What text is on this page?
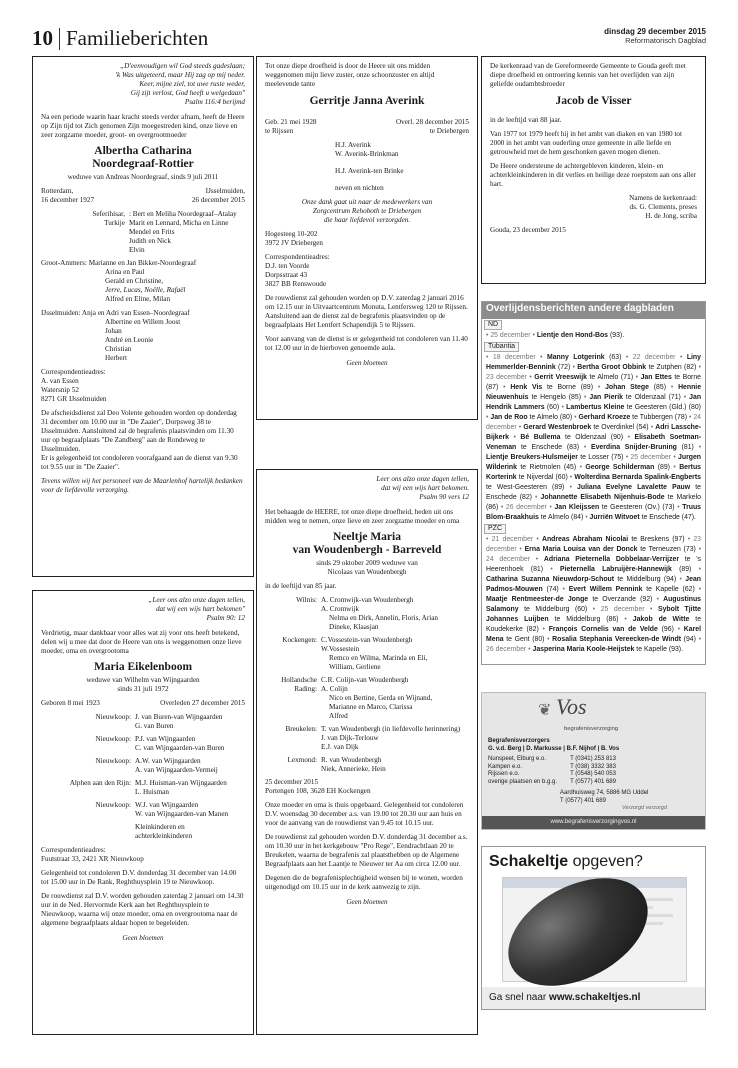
10 Familieberichten	dinsdag 29 december 2015
Reformatorisch Dagblad
„D'eenvoudigen wil God steeds gadeslaan;
'k Was uitgeteerd, maar Hij zag op mij neder.
Keer, mijne ziel, tot uwe ruste weder,
Gij zijt verlost, God heeft u welgedaan"
Psalm 116:4 berijmd
Na een periode waarin haar kracht steeds verder afnam, heeft de Heere op Zijn tijd tot Zich genomen Zijn moegestreden kind, onze lieve en zeer zorgzame moeder, groot- en overgrootmoeder
Albertha Catharina
Noordegraaf-Rottier
weduwe van Andreas Noordegraaf, sinds 9 juli 2011
Rotterdam,	IJsselmuiden,
16 december 1927	26 december 2015
Seferihisar, : Bert en Meliha Noordegraaf–Atalay
Turkije Marit en Lennard, Micha en Linne
Mendel en Frits
Judith en Nick
Elvin
Groot-Ammers: Marianne en Jan Bikker-Noordegraaf
Arina en Paul
Gerald en Christine,
Jerre, Lucas, Noëlle, Rafaël
Alfred en Eline, Milan
IJsselmuiden: Anja en Adri van Essen–Noordegraaf
Albertine en Willem Joost
Johan
André en Leonie
Christian
Herbert
Correspondentieadres:
A. van Essen
Watersnip 52
8271 GR IJsselmuiden
De afscheidsdienst zal Deo Volente gehouden worden op donderdag 31 december om 10.00 uur in "De Zaaier", Dorpsweg 38 te IJsselmuiden. Aansluitend zal de begrafenis plaatsvinden om 11.30 uur op begraafplaats "De Zandberg" aan de Rondeweg te IJsselmuiden.
Er is gelegenheid tot condoleren voorafgaand aan de dienst van 9.30 tot 9.55 uur in "De Zaaier".
Tevens willen wij het personeel van de Maarlenhof hartelijk bedanken voor de liefdevolle verzorging.
„Leer ons alzo onze dagen tellen,
dat wij een wijs hart bekomen"
Psalm 90: 12
Verdrietig, maar dankbaar voor alles wat zij voor ons heeft betekend, delen wij u mee dat door de Heere van ons is weggenomen onze lieve moeder, oma en overgrootoma
Maria Eikelenboom
weduwe van Wilhelm van Wijngaarden
sinds 31 juli 1972
Geboren 8 mei 1923	Overleden 27 december 2015
Nieuwkoop: J. van Buren-van Wijngaarden
G. van Buren
Nieuwkoop: P.J. van Wijngaarden
C. van Wijngaarden-van Buren
Nieuwkoop: A.W. van Wijngaarden
A. van Wijngaarden-Vermeij
Alphen aan den Rijn: M.J. Huisman-van Wijngaarden
L. Huisman
Nieuwkoop: W.J. van Wijngaarden
W. van Wijngaarden-van Manen
Kleinkinderen en
achterkleinkinderen
Correspondentieadres:
Fuutstraat 33, 2421 XR Nieuwkoop
Gelegenheid tot condoleren D.V. donderdag 31 december van 14.00 tot 15.00 uur in De Rank, Reghthuysplein 19 te Nieuwkoop.
De rouwdienst zal D.V. worden gehouden zaterdag 2 januari om 14.30 uur in de Ned. Hervormde Kerk aan het Reghthuysplein te Nieuwkoop, waarna wij onze moeder, oma en overgrootoma naar de algemene begraafplaats aldaar hopen te begeleiden.
Geen bloemen
Tot onze diepe droefheid is door de Heere uit ons midden weggenomen mijn lieve zuster, onze schoonzuster en altijd meelevende tante
Gerritje Janna Averink
Geb. 21 mei 1928	Overl. 28 december 2015
te Rijssen	te Driebergen
H.J. Averink
W. Averink-Brinkman
H.J. Averink-ten Brinke
neven en nichten
Onze dank gaat uit naar de medewerkers van
Zorgcentrum Rehoboth te Driebergen
die haar liefdevol verzorgden.
Hogesteeg 10-202
3972 JV Driebergen
Correspondentieadres:
D.J. ten Voorde
Dorpsstraat 43
3827 BB Renswoude
De rouwdienst zal gehouden worden op D.V. zaterdag 2 januari 2016 om 12.15 uur in Uitvaartcentrum Monuta, Lentfersweg 120 te Rijssen. Aansluitend aan de dienst zal de begrafenis plaatsvinden op de begraafplaats Het Lentfert Schapendijk 5 te Rijssen.
Voor aanvang van de dienst is er gelegenheid tot condoleren van 11.40 tot 12.00 uur in de hierboven genoemde aula.
Geen bloemen
Leer ons alzo onze dagen tellen,
dat wij een wijs hart bekomen.
Psalm 90 vers 12
Het behaagde de HEERE, tot onze diepe droefheid, heden uit ons midden weg te nemen, onze lieve en zeer zorgzame moeder en oma
Neeltje Maria
van Woudenbergh - Barreveld
sinds 29 oktober 2009 weduwe van
Nicolaas van Woudenbergh
in de leeftijd van 85 jaar.
Wilnis: A. Cromwijk-van Woudenbergh
A. Cromwijk
Nelma en Dirk, Annelin, Floris, Arian
Dineke, Klaasjan
Kockengen: C.Vossestein-van Woudenbergh
W.Vossestein
Remco en Wilma, Marinda en Eli,
William, Gerliene
Hollandsche Rading:
C.R. Colijn-van Woudenbergh
A. Colijn
Nico en Bertine, Gerda en Wijnand,
Marianne en Marco, Clarissa
Alfred
Breukelen: T. van Woudenbergh (in liefdevolle herinnering)
J. van Dijk-Terlouw
E.J. van Dijk
Lexmond: R. van Woudenbergh
Niek, Annerieke, Hein
25 december 2015
Portengen 108, 3628 EH Kockengen
Onze moeder en oma is thuis opgebaard. Gelegenheid tot condoleren D.V. woensdag 30 december a.s. van 19.00 tot 20.30 uur aan huis en voor de aanvang van de rouwdienst van 9.45 tot 10.15 uur.
De rouwdienst zal gehouden worden D.V. donderdag 31 december a.s. om 10.30 uur in het kerkgebouw "Pro Rege", Eendrachtlaan 20 te Breukelen, waarna de begrafenis zal plaatsthebben op de Algemene Begraafplaats aan het Laantje te Nieuwer ter Aa om circa 12.00 uur.
Degenen die de begrafenisplechtigheid wensen bij te wonen, worden uitgenodigd om 10.15 uur in de kerk aanwezig te zijn.
Geen bloemen
De kerkenraad van de Gereformeerde Gemeente te Gouda geeft met diepe droefheid en ontroering kennis van het overlijden van zijn geliefde oudambtsbroeder
Jacob de Visser
in de leeftijd van 88 jaar.
Van 1977 tot 1979 heeft hij in het ambt van diaken en van 1980 tot 2000 in het ambt van ouderling onze gemeente in alle liefde en getrouwheid met de hem geschonken gaven mogen dienen.
De Heere ondersteune de achtergebleven kinderen, klein- en achterkleinkinderen in dit verlies en heilige deze roepstem aan ons aller hart.
Namens de kerkenraad:
ds. G. Clements, preses
H. de Jong, scriba
Gouda, 23 december 2015
Overlijdensberichten andere dagbladen
ND
• 25 december • Lientje den Hond-Bos (93).
Tubantia
• 18 december • Manny Lotgerink (63) • 22 december • Liny Hemmerlder-Bennink (72) • Bertha Groot Obbink te Zutphen (82) • 23 december • Gerrit Vreeswijk te Almelo (71) • Jan Ettes te Borne (87) • Henk Vis te Borne (89) • Johan Stege (85) • Hennie Nieuwenhuis te Hengelo (85) • Jan Pierik te Oldenzaal (71) • Jan Hendrik Lammers (60) • Lambertus Kleine te Geesteren (Gld.) (80) • Jan de Roo te Almelo (80) • Gerhard Kroeze te Tubbergen (78) • 24 december • Gerard Westenbroek te Overdinkel (54) • Adri Lassche-Bijkerk • Bé Bullema te Oldenzaal (90) • Elisabeth Soetman-Veneman te Enschede (83) • Everdina Snijder-Bruning (81) • Lientje Breukers-Hulsmeijer te Losser (75) • 25 december • Jurgen Wilderink te Rietmolen (45) • George Schilderman (89) • Bertus Korterink te Nijverdal (60) • Wolterdina Bernarda Spalink-Engberts te West-Geesteren (89) • Juliana Evelyne Lavalette Pauw te Enschede (82) • Johannette Elisabeth Nijenhuis-Bode te Markelo (86) • 26 december • Jan Kleijssen te Geesteren (Ov.) (73) • Truus Blom-Braakhuis te Almelo (84) • Jurriën Witvoet te Enschede (47).
PZC
• 21 december • Andreas Abraham Nicolai te Breskens (97) • 23 december • Erna Maria Louisa van der Donck te Terneuzen (73) • 24 december • Adriana Pieternella Dobbelaar-Verrijzer te 's Heerenhoek (81) • Pieternella Labruijère-Hannewijk (89) • Catharina Suzanna Nieuwdorp-Schout te Middelburg (94) • Jean Padmos-Mouwen (74) • Evert Willem Pennink te Kapelle (62) • Maatje Rentmeester-de Jonge te Overzande (92) • Augustinus Salamony te Middelburg (60) • 25 december • Sybolt Tjitte Johannes Luijben te Middelburg (86) • Jakob de Witte te Koudekerke (82) • François Cornelis van de Velde (96) • Karel Mena te Gent (80) • Rosalia Stephania Vereecken-de Windt (94) • 26 december • Jasperina Maria Koole-Heijstek te Kapelle (93).
❦ Vos
begrafenisverzorging
Begrafenisverzorgers
G. v.d. Berg | D. Markusse | B.F. Nijhof | B. Vos
Nunspeet, Elburg e.o.	T (0341) 253 813
Kampen e.o.	T (038) 3332 383
Rijssen e.o.	T (0548) 540 053
overige plaatsen en b.g.g. T (0577) 401 689
Aardhuisweg 74, 5886 MG Uddel
T (0577) 401 689
Verzorgd verzorgd
www.begrafenisverzorgingvos.nl
Schakeltje opgeven?
Ga snel naar www.schakeltjes.nl
